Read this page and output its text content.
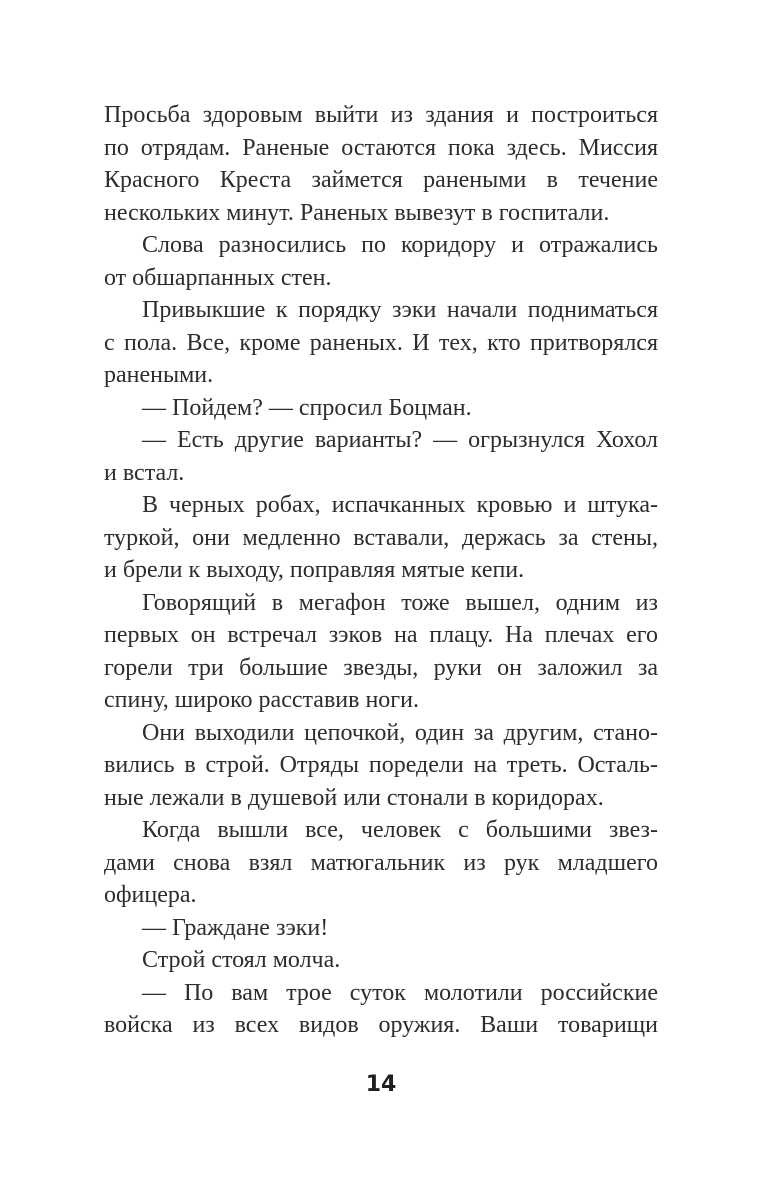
Просьба здоровым выйти из здания и построиться
по отрядам. Раненые остаются пока здесь. Миссия
Красного Креста займется ранеными в течение
нескольких минут. Раненых вывезут в госпитали.
Слова разносились по коридору и отражались
от обшарпанных стен.
Привыкшие к порядку зэки начали подниматься
с пола. Все, кроме раненых. И тех, кто притворялся
ранеными.
— Пойдем? — спросил Боцман.
— Есть другие варианты? — огрызнулся Хохол
и встал.
В черных робах, испачканных кровью и штука-
туркой, они медленно вставали, держась за стены,
и брели к выходу, поправляя мятые кепи.
Говорящий в мегафон тоже вышел, одним из
первых он встречал зэков на плацу. На плечах его
горели три большие звезды, руки он заложил за
спину, широко расставив ноги.
Они выходили цепочкой, один за другим, стано-
вились в строй. Отряды поредели на треть. Осталь-
ные лежали в душевой или стонали в коридорах.
Когда вышли все, человек с большими звез-
дами снова взял матюгальник из рук младшего
офицера.
— Граждане зэки!
Строй стоял молча.
— По вам трое суток молотили российские
войска из всех видов оружия. Ваши товарищи
14
